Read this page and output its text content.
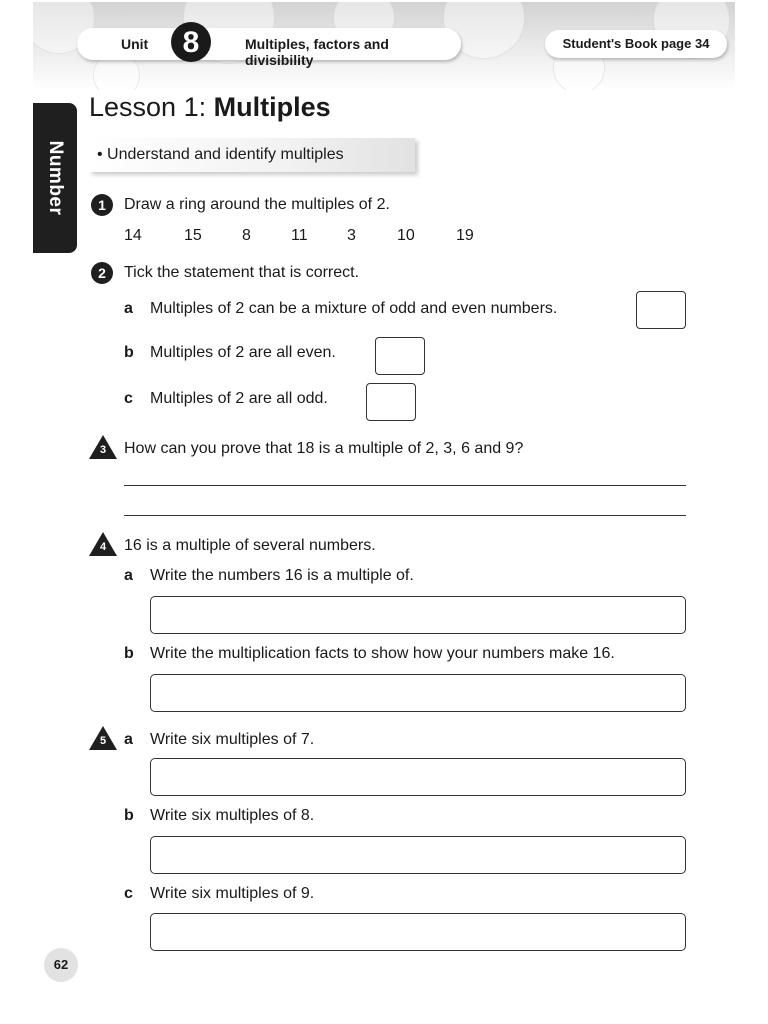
Unit	8	Multiples, factors and divisibility
Student's Book page 34
Number
Lesson 1: Multiples
• Understand and identify multiples
1	Draw a ring around the multiples of 2.
14	15	8	11 3	10	19
2	Tick the statement that is correct.
a Multiples of 2 can be a mixture of odd and even numbers.
b Multiples of 2 are all even.
c Multiples of 2 are all odd.
3	How can you prove that 18 is a multiple of 2, 3, 6 and 9?
4	16 is a multiple of several numbers.
a Write the numbers 16 is a multiple of.
b Write the multiplication facts to show how your numbers make 16.
5	a Write six multiples of 7.
b Write six multiples of 8.
c Write six multiples of 9.
62
